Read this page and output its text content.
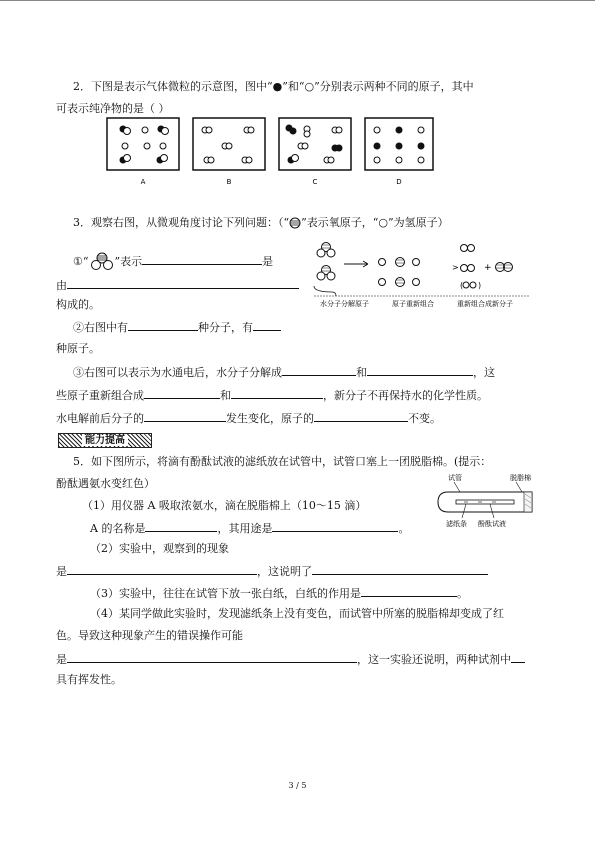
2．下图是表示气体微粒的示意图，图中“●”和“○”分别表示两种不同的原子，其中
可表示纯净物的是（ ）
A	B	C	D
3．观察右图，从微观角度讨论下列问题：（“ ”表示氧原子，“○”为氢原子）
①“ ”表示	是
由
构成的。
②右图中有	种分子，有
种原子。
>	+
( )
水分子分解原子	原子重新组合	重新组合成新分子
③右图可以表示为水通电后，水分子分解成	和	，这
些原子重新组合成	和	，新分子不再保持水的化学性质。
水电解前后分子的	发生变化，原子的	不变。
能力提高
5．如下图所示，将滴有酚酞试液的滤纸放在试管中，试管口塞上一团脱脂棉。(提示：
酚酞遇氨水变红色）
（1）用仪器 A 吸取浓氨水，滴在脱脂棉上（10～15 滴）
A 的名称是	，其用途是	。
试管	脱脂棉
滤纸条 酚酞试液
（2）实验中，观察到的现象
是	，这说明了
（3）实验中，往往在试管下放一张白纸，白纸的作用是	。
（4）某同学做此实验时，发现滤纸条上没有变色，而试管中所塞的脱脂棉却变成了红
色。导致这种现象产生的错误操作可能
是	，这一实验还说明，两种试剂中
具有挥发性。
3 / 5
